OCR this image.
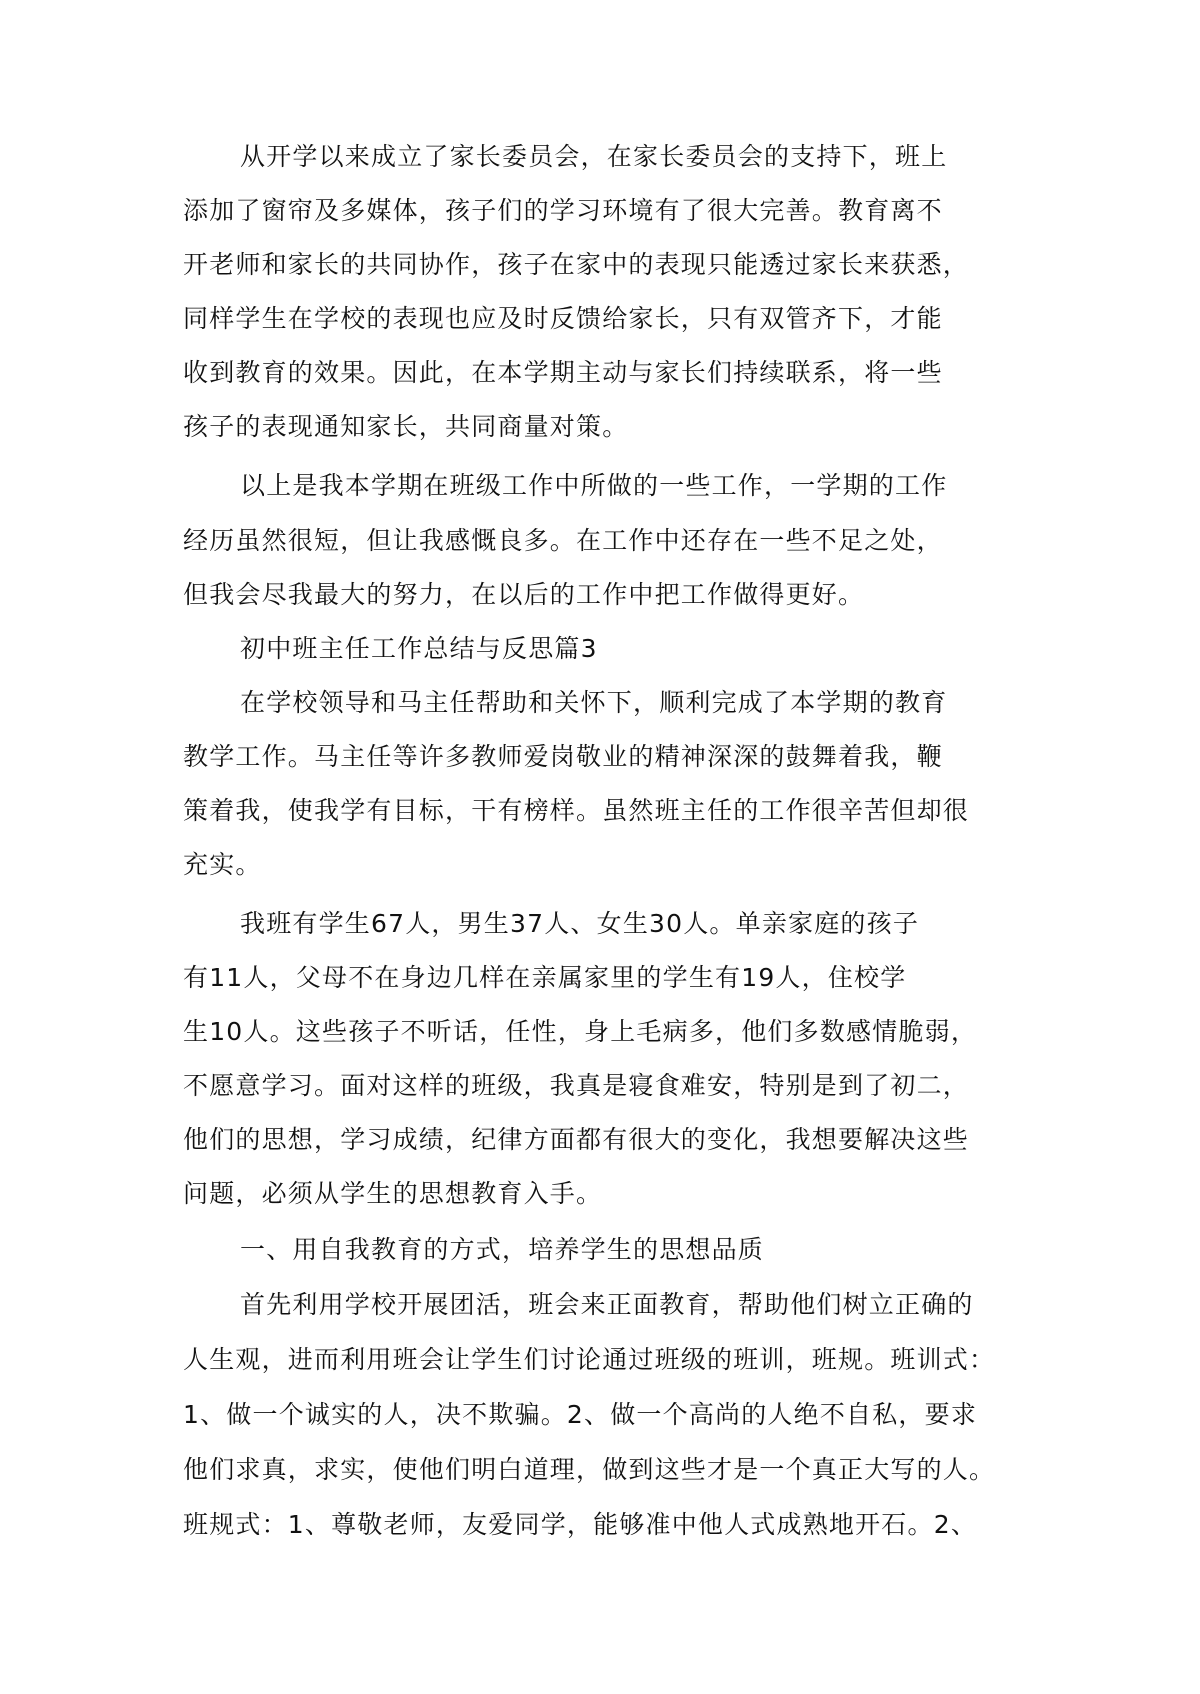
从开学以来成立了家长委员会，在家长委员会的支持下，班上
添加了窗帘及多媒体，孩子们的学习环境有了很大完善。教育离不
开老师和家长的共同协作，孩子在家中的表现只能透过家长来获悉，
同样学生在学校的表现也应及时反馈给家长，只有双管齐下，才能
收到教育的效果。因此，在本学期主动与家长们持续联系，将一些
孩子的表现通知家长，共同商量对策。
以上是我本学期在班级工作中所做的一些工作，一学期的工作
经历虽然很短，但让我感慨良多。在工作中还存在一些不足之处，
但我会尽我最大的努力，在以后的工作中把工作做得更好。
初中班主任工作总结与反思篇3
在学校领导和马主任帮助和关怀下，顺利完成了本学期的教育
教学工作。马主任等许多教师爱岗敬业的精神深深的鼓舞着我，鞭
策着我，使我学有目标，干有榜样。虽然班主任的工作很辛苦但却很
充实。
我班有学生67人，男生37人、女生30人。单亲家庭的孩子
有11人，父母不在身边几样在亲属家里的学生有19人，住校学
生10人。这些孩子不听话，任性，身上毛病多，他们多数感情脆弱，
不愿意学习。面对这样的班级，我真是寝食难安，特别是到了初二，
他们的思想，学习成绩，纪律方面都有很大的变化，我想要解决这些
问题，必须从学生的思想教育入手。
一、用自我教育的方式，培养学生的思想品质
首先利用学校开展团活，班会来正面教育，帮助他们树立正确的
人生观，进而利用班会让学生们讨论通过班级的班训，班规。班训式：
1、做一个诚实的人，决不欺骗。2、做一个高尚的人绝不自私，要求
他们求真，求实，使他们明白道理，做到这些才是一个真正大写的人。
班规式：1、尊敬老师，友爱同学，能够准中他人式成熟地开石。2、
